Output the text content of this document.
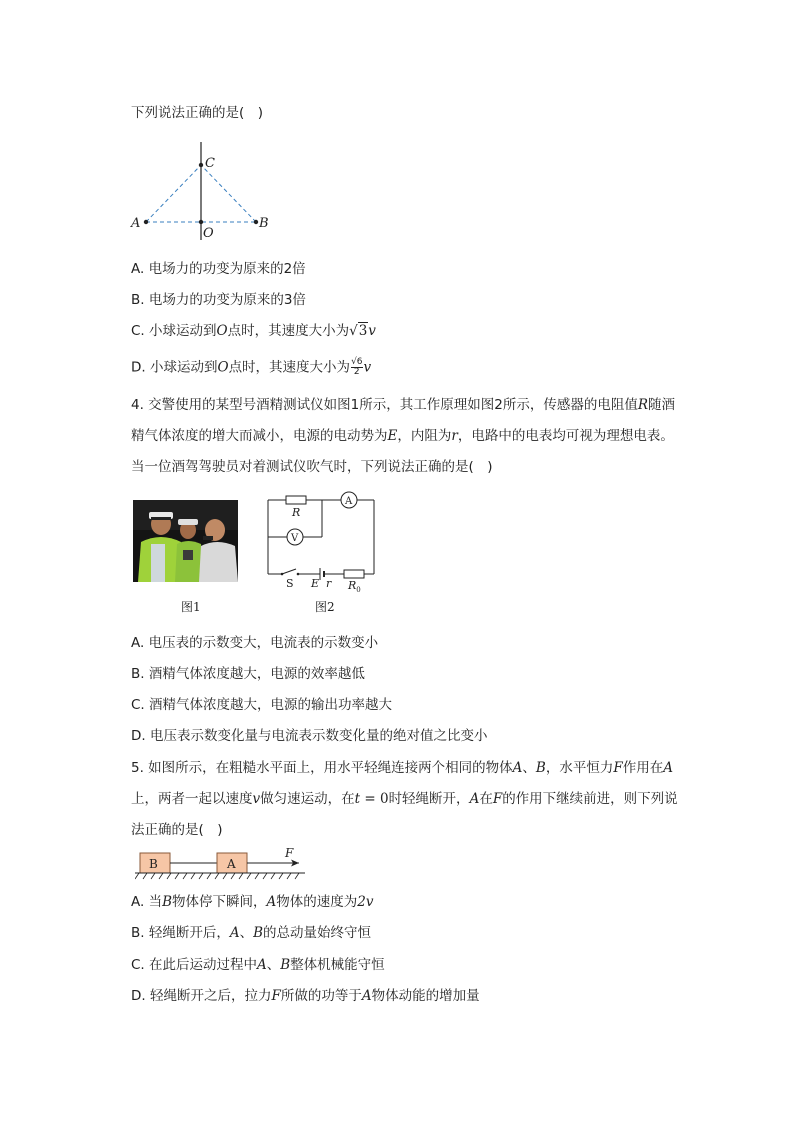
下列说法正确的是(　)
C
A
O
B
A. 电场力的功变为原来的2倍
B. 电场力的功变为原来的3倍
C. 小球运动到O点时，其速度大小为√3v
D. 小球运动到O点时，其速度大小为 $\frac{√6}{2}$ v
4. 交警使用的某型号酒精测试仪如图1所示，其工作原理如图2所示，传感器的电阻值R随酒
精气体浓度的增大而减小，电源的电动势为E，内阻为r，电路中的电表均可视为理想电表。
当一位酒驾驾驶员对着测试仪吹气时，下列说法正确的是(　)
图1
R
A
V
S E r $R_0$
图2
A. 电压表的示数变大，电流表的示数变小
B. 酒精气体浓度越大，电源的效率越低
C. 酒精气体浓度越大，电源的输出功率越大
D. 电压表示数变化量与电流表示数变化量的绝对值之比变小
5. 如图所示，在粗糙水平面上，用水平轻绳连接两个相同的物体A、B，水平恒力F作用在A
上，两者一起以速度v做匀速运动，在t = 0时轻绳断开，A在F的作用下继续前进，则下列说
法正确的是(　)
B	A
F
A. 当B物体停下瞬间，A物体的速度为2v
B. 轻绳断开后，A、B的总动量始终守恒
C. 在此后运动过程中A、B整体机械能守恒
D. 轻绳断开之后，拉力F所做的功等于A物体动能的增加量
